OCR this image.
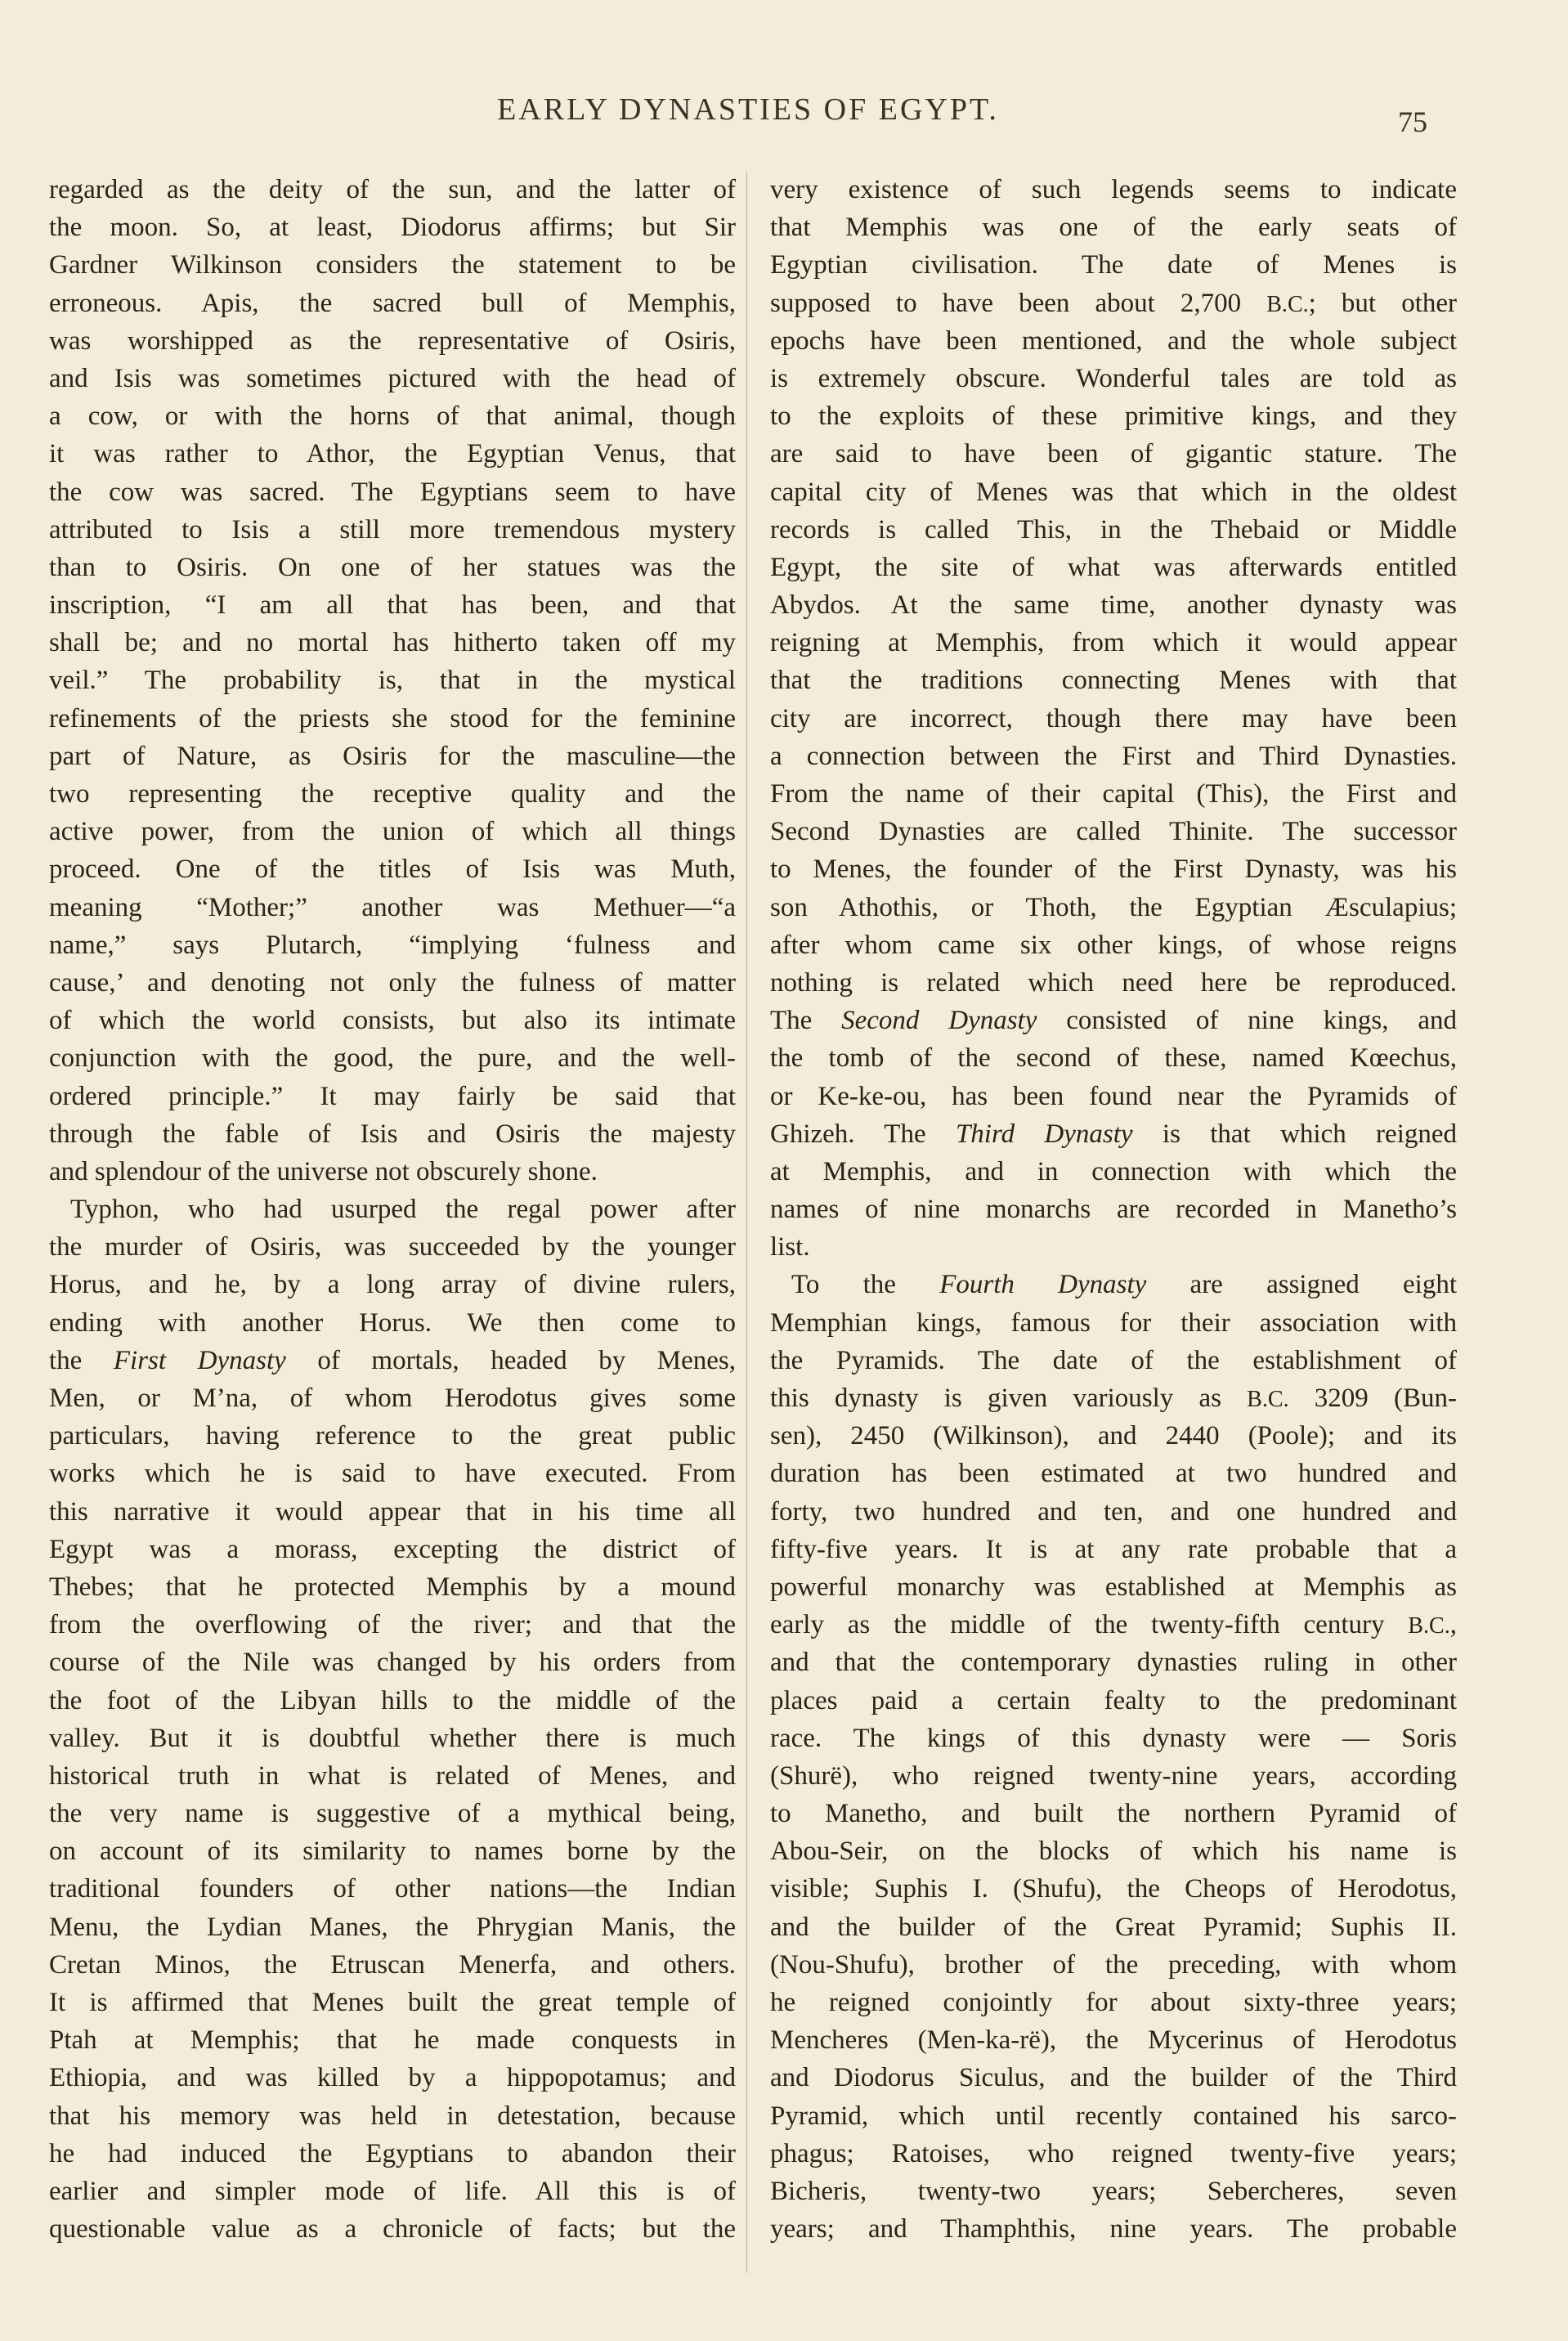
EARLY DYNASTIES OF EGYPT.	75
regarded as the deity of the sun, and the latter of
the moon. So, at least, Diodorus affirms; but Sir
Gardner Wilkinson considers the statement to be
erroneous. Apis, the sacred bull of Memphis,
was worshipped as the representative of Osiris,
and Isis was sometimes pictured with the head of
a cow, or with the horns of that animal, though
it was rather to Athor, the Egyptian Venus, that
the cow was sacred. The Egyptians seem to have
attributed to Isis a still more tremendous mystery
than to Osiris. On one of her statues was the
inscription, “I am all that has been, and that
shall be; and no mortal has hitherto taken off my
veil.” The probability is, that in the mystical
refinements of the priests she stood for the feminine
part of Nature, as Osiris for the masculine—the
two representing the receptive quality and the
active power, from the union of which all things
proceed. One of the titles of Isis was Muth,
meaning “Mother;” another was Methuer—“a
name,” says Plutarch, “implying ‘fulness and
cause,’ and denoting not only the fulness of matter
of which the world consists, but also its intimate
conjunction with the good, the pure, and the well-
ordered principle.” It may fairly be said that
through the fable of Isis and Osiris the majesty
and splendour of the universe not obscurely shone.
Typhon, who had usurped the regal power after
the murder of Osiris, was succeeded by the younger
Horus, and he, by a long array of divine rulers,
ending with another Horus. We then come to
the First Dynasty of mortals, headed by Menes,
Men, or M’na, of whom Herodotus gives some
particulars, having reference to the great public
works which he is said to have executed. From
this narrative it would appear that in his time all
Egypt was a morass, excepting the district of
Thebes; that he protected Memphis by a mound
from the overflowing of the river; and that the
course of the Nile was changed by his orders from
the foot of the Libyan hills to the middle of the
valley. But it is doubtful whether there is much
historical truth in what is related of Menes, and
the very name is suggestive of a mythical being,
on account of its similarity to names borne by the
traditional founders of other nations—the Indian
Menu, the Lydian Manes, the Phrygian Manis, the
Cretan Minos, the Etruscan Menerfa, and others.
It is affirmed that Menes built the great temple of
Ptah at Memphis; that he made conquests in
Ethiopia, and was killed by a hippopotamus; and
that his memory was held in detestation, because
he had induced the Egyptians to abandon their
earlier and simpler mode of life. All this is of
questionable value as a chronicle of facts; but the
very existence of such legends seems to indicate
that Memphis was one of the early seats of
Egyptian civilisation. The date of Menes is
supposed to have been about 2,700 B.C.; but other
epochs have been mentioned, and the whole subject
is extremely obscure. Wonderful tales are told as
to the exploits of these primitive kings, and they
are said to have been of gigantic stature. The
capital city of Menes was that which in the oldest
records is called This, in the Thebaid or Middle
Egypt, the site of what was afterwards entitled
Abydos. At the same time, another dynasty was
reigning at Memphis, from which it would appear
that the traditions connecting Menes with that
city are incorrect, though there may have been
a connection between the First and Third Dynasties.
From the name of their capital (This), the First and
Second Dynasties are called Thinite. The successor
to Menes, the founder of the First Dynasty, was his
son Athothis, or Thoth, the Egyptian Æsculapius;
after whom came six other kings, of whose reigns
nothing is related which need here be reproduced.
The Second Dynasty consisted of nine kings, and
the tomb of the second of these, named Kœechus,
or Ke-ke-ou, has been found near the Pyramids of
Ghizeh. The Third Dynasty is that which reigned
at Memphis, and in connection with which the
names of nine monarchs are recorded in Manetho’s
list.
To the Fourth Dynasty are assigned eight
Memphian kings, famous for their association with
the Pyramids. The date of the establishment of
this dynasty is given variously as B.C. 3209 (Bun-
sen), 2450 (Wilkinson), and 2440 (Poole); and its
duration has been estimated at two hundred and
forty, two hundred and ten, and one hundred and
fifty-five years. It is at any rate probable that a
powerful monarchy was established at Memphis as
early as the middle of the twenty-fifth century B.C.,
and that the contemporary dynasties ruling in other
places paid a certain fealty to the predominant
race. The kings of this dynasty were — Soris
(Shurë), who reigned twenty-nine years, according
to Manetho, and built the northern Pyramid of
Abou-Seir, on the blocks of which his name is
visible; Suphis I. (Shufu), the Cheops of Herodotus,
and the builder of the Great Pyramid; Suphis II.
(Nou-Shufu), brother of the preceding, with whom
he reigned conjointly for about sixty-three years;
Mencheres (Men-ka-rë), the Mycerinus of Herodotus
and Diodorus Siculus, and the builder of the Third
Pyramid, which until recently contained his sarco-
phagus; Ratoises, who reigned twenty-five years;
Bicheris, twenty-two years; Sebercheres, seven
years; and Thamphthis, nine years. The probable
